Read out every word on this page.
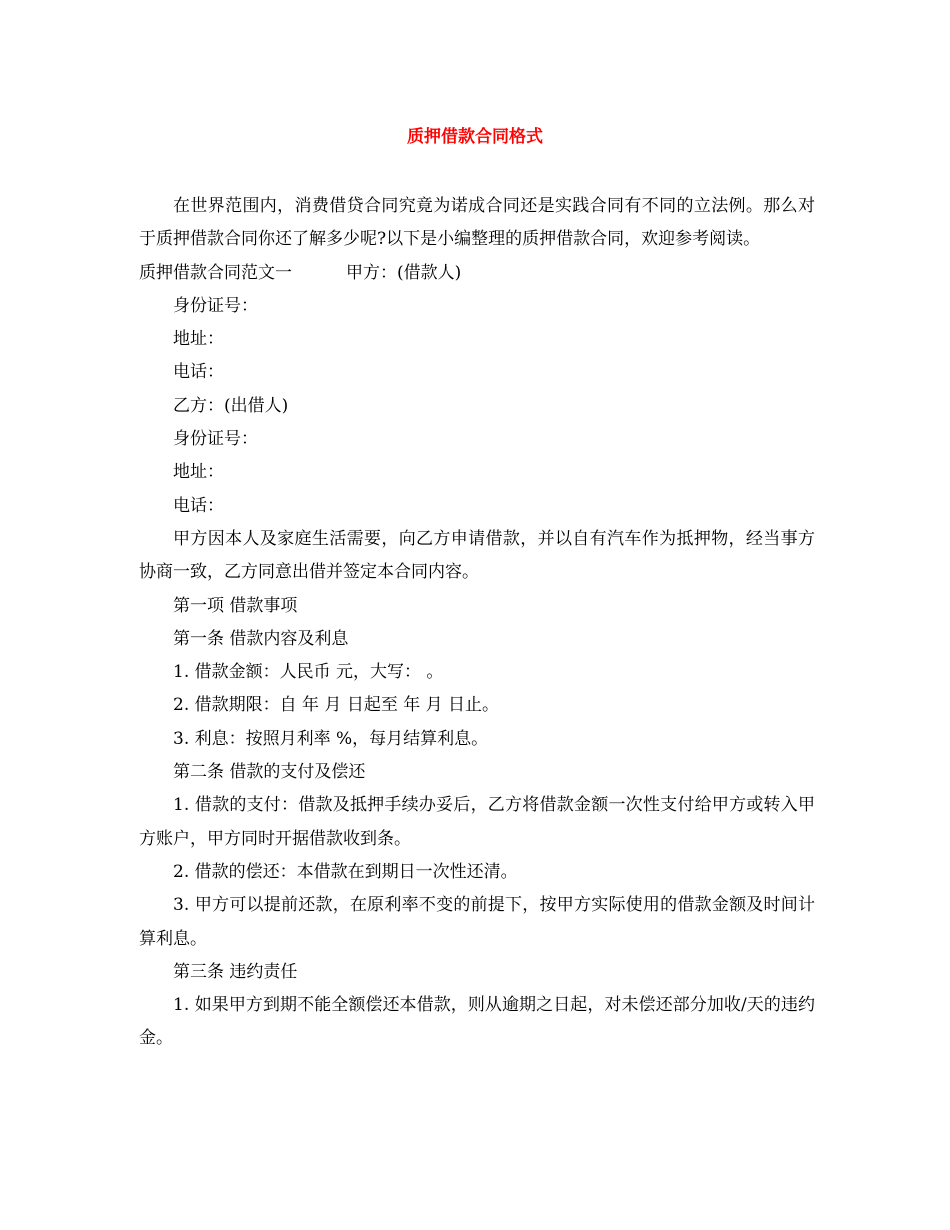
质押借款合同格式

在世界范围内，消费借贷合同究竟为诺成合同还是实践合同有不同的立法例。那么对于质押借款合同你还了解多少呢?以下是小编整理的质押借款合同，欢迎参考阅读。

质押借款合同范文一	甲方：(借款人)

身份证号：

地址：

电话：

乙方：(出借人)

身份证号：

地址：

电话：

甲方因本人及家庭生活需要，向乙方申请借款，并以自有汽车作为抵押物，经当事方协商一致，乙方同意出借并签定本合同内容。

第一项 借款事项

第一条 借款内容及利息

1. 借款金额：人民币 元，大写： 。

2. 借款期限：自 年 月 日起至 年 月 日止。

3. 利息：按照月利率 %，每月结算利息。

第二条 借款的支付及偿还

1. 借款的支付：借款及抵押手续办妥后，乙方将借款金额一次性支付给甲方或转入甲方账户，甲方同时开据借款收到条。

2. 借款的偿还：本借款在到期日一次性还清。

3. 甲方可以提前还款，在原利率不变的前提下，按甲方实际使用的借款金额及时间计算利息。

第三条 违约责任

1. 如果甲方到期不能全额偿还本借款，则从逾期之日起，对未偿还部分加收/天的违约金。
